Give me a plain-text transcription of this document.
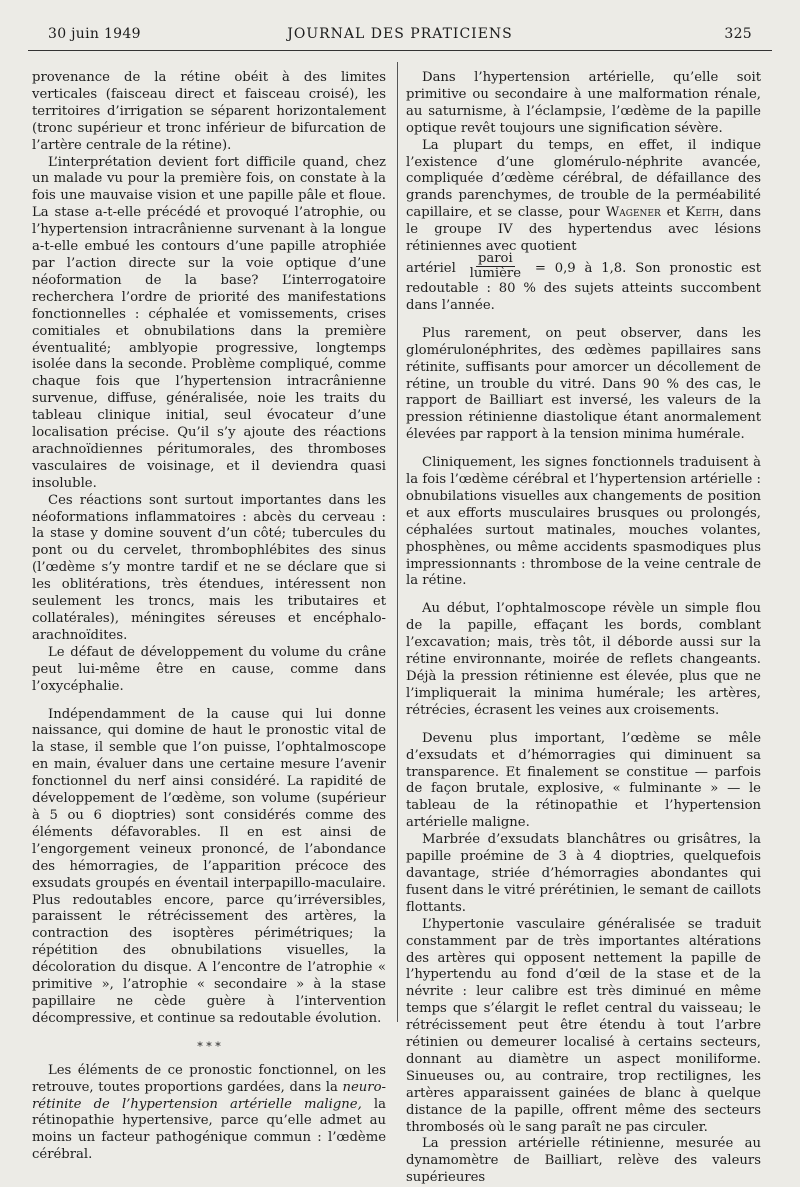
30 juin 1949	JOURNAL DES PRATICIENS	325

provenance de la rétine obéit à des limites verticales (faisceau direct et faisceau croisé), les territoires d’irrigation se séparent horizontalement (tronc supérieur et tronc inférieur de bifurcation de l’artère centrale de la rétine).

L’interprétation devient fort difficile quand, chez un malade vu pour la première fois, on constate à la fois une mauvaise vision et une papille pâle et floue. La stase a-t-elle précédé et provoqué l’atrophie, ou l’hypertension intracrânienne survenant à la longue a-t-elle embué les contours d’une papille atrophiée par l’action directe sur la voie optique d’une néoformation de la base? L’interrogatoire recherchera l’ordre de priorité des manifestations fonctionnelles : céphalée et vomissements, crises comitiales et obnubilations dans la première éventualité; amblyopie progressive, longtemps isolée dans la seconde. Problème compliqué, comme chaque fois que l’hypertension intracrânienne survenue, diffuse, généralisée, noie les traits du tableau clinique initial, seul évocateur d’une localisation précise. Qu’il s’y ajoute des réactions arachnoïdiennes péritumorales, des thromboses vasculaires de voisinage, et il deviendra quasi insoluble.

Ces réactions sont surtout importantes dans les néoformations inflammatoires : abcès du cerveau : la stase y domine souvent d’un côté; tubercules du pont ou du cervelet, thrombophlébites des sinus (l’œdème s’y montre tardif et ne se déclare que si les oblitérations, très étendues, intéressent non seulement les troncs, mais les tributaires et collatérales), méningites séreuses et encéphalo-arachnoïdites.

Le défaut de développement du volume du crâne peut lui-même être en cause, comme dans l’oxycéphalie.

Indépendamment de la cause qui lui donne naissance, qui domine de haut le pronostic vital de la stase, il semble que l’on puisse, l’ophtalmoscope en main, évaluer dans une certaine mesure l’avenir fonctionnel du nerf ainsi considéré. La rapidité de développement de l’œdème, son volume (supérieur à 5 ou 6 dioptries) sont considérés comme des éléments défavorables. Il en est ainsi de l’engorgement veineux prononcé, de l’abondance des hémorragies, de l’apparition précoce des exsudats groupés en éventail interpapillo-maculaire. Plus redoutables encore, parce qu’irréversibles, paraissent le rétrécissement des artères, la contraction des isoptères périmétriques; la répétition des obnubilations visuelles, la décoloration du disque. A l’encontre de l’atrophie « primitive », l’atrophie « secondaire » à la stase papillaire ne cède guère à l’intervention décompressive, et continue sa redoutable évolution.

* * *

Les éléments de ce pronostic fonctionnel, on les retrouve, toutes proportions gardées, dans la neuro-rétinite de l’hypertension artérielle maligne, la rétinopathie hypertensive, parce qu’elle admet au moins un facteur pathogénique commun : l’œdème cérébral.

Dans l’hypertension artérielle, qu’elle soit primitive ou secondaire à une malformation rénale, au saturnisme, à l’éclampsie, l’œdème de la papille optique revêt toujours une signification sévère.

La plupart du temps, en effet, il indique l’existence d’une glomérulo-néphrite avancée, compliquée d’œdème cérébral, de défaillance des grands parenchymes, de trouble de la perméabilité capillaire, et se classe, pour Wagener et Keith, dans le groupe IV des hypertendus avec lésions rétiniennes avec quotient

artériel $\frac{\text{paroi}}{\text{lumière}} = 0,9$ à 1,8. Son pronostic est redoutable : 80 % des sujets atteints succombent dans l’année.

Plus rarement, on peut observer, dans les glomérulonéphrites, des œdèmes papillaires sans rétinite, suffisants pour amorcer un décollement de rétine, un trouble du vitré. Dans 90 % des cas, le rapport de Bailliart est inversé, les valeurs de la pression rétinienne diastolique étant anormalement élevées par rapport à la tension minima humérale.

Cliniquement, les signes fonctionnels traduisent à la fois l’œdème cérébral et l’hypertension artérielle : obnubilations visuelles aux changements de position et aux efforts musculaires brusques ou prolongés, céphalées surtout matinales, mouches volantes, phosphènes, ou même accidents spasmodiques plus impressionnants : thrombose de la veine centrale de la rétine.

Au début, l’ophtalmoscope révèle un simple flou de la papille, effaçant les bords, comblant l’excavation; mais, très tôt, il déborde aussi sur la rétine environnante, moirée de reflets changeants. Déjà la pression rétinienne est élevée, plus que ne l’impliquerait la minima humérale; les artères, rétrécies, écrasent les veines aux croisements.

Devenu plus important, l’œdème se mêle d’exsudats et d’hémorragies qui diminuent sa transparence. Et finalement se constitue — parfois de façon brutale, explosive, « fulminante » — le tableau de la rétinopathie et l’hypertension artérielle maligne.

Marbrée d’exsudats blanchâtres ou grisâtres, la papille proémine de 3 à 4 dioptries, quelquefois davantage, striée d’hémorragies abondantes qui fusent dans le vitré prérétinien, le semant de caillots flottants.

L’hypertonie vasculaire généralisée se traduit constamment par de très importantes altérations des artères qui opposent nettement la papille de l’hypertendu au fond d’œil de la stase et de la névrite : leur calibre est très diminué en même temps que s’élargit le reflet central du vaisseau; le rétrécissement peut être étendu à tout l’arbre rétinien ou demeurer localisé à certains secteurs, donnant au diamètre un aspect moniliforme. Sinueuses ou, au contraire, trop rectilignes, les artères apparaissent gainées de blanc à quelque distance de la papille, offrent même des secteurs thrombosés où le sang paraît ne pas circuler.

La pression artérielle rétinienne, mesurée au dynamomètre de Bailliart, relève des valeurs supérieures
